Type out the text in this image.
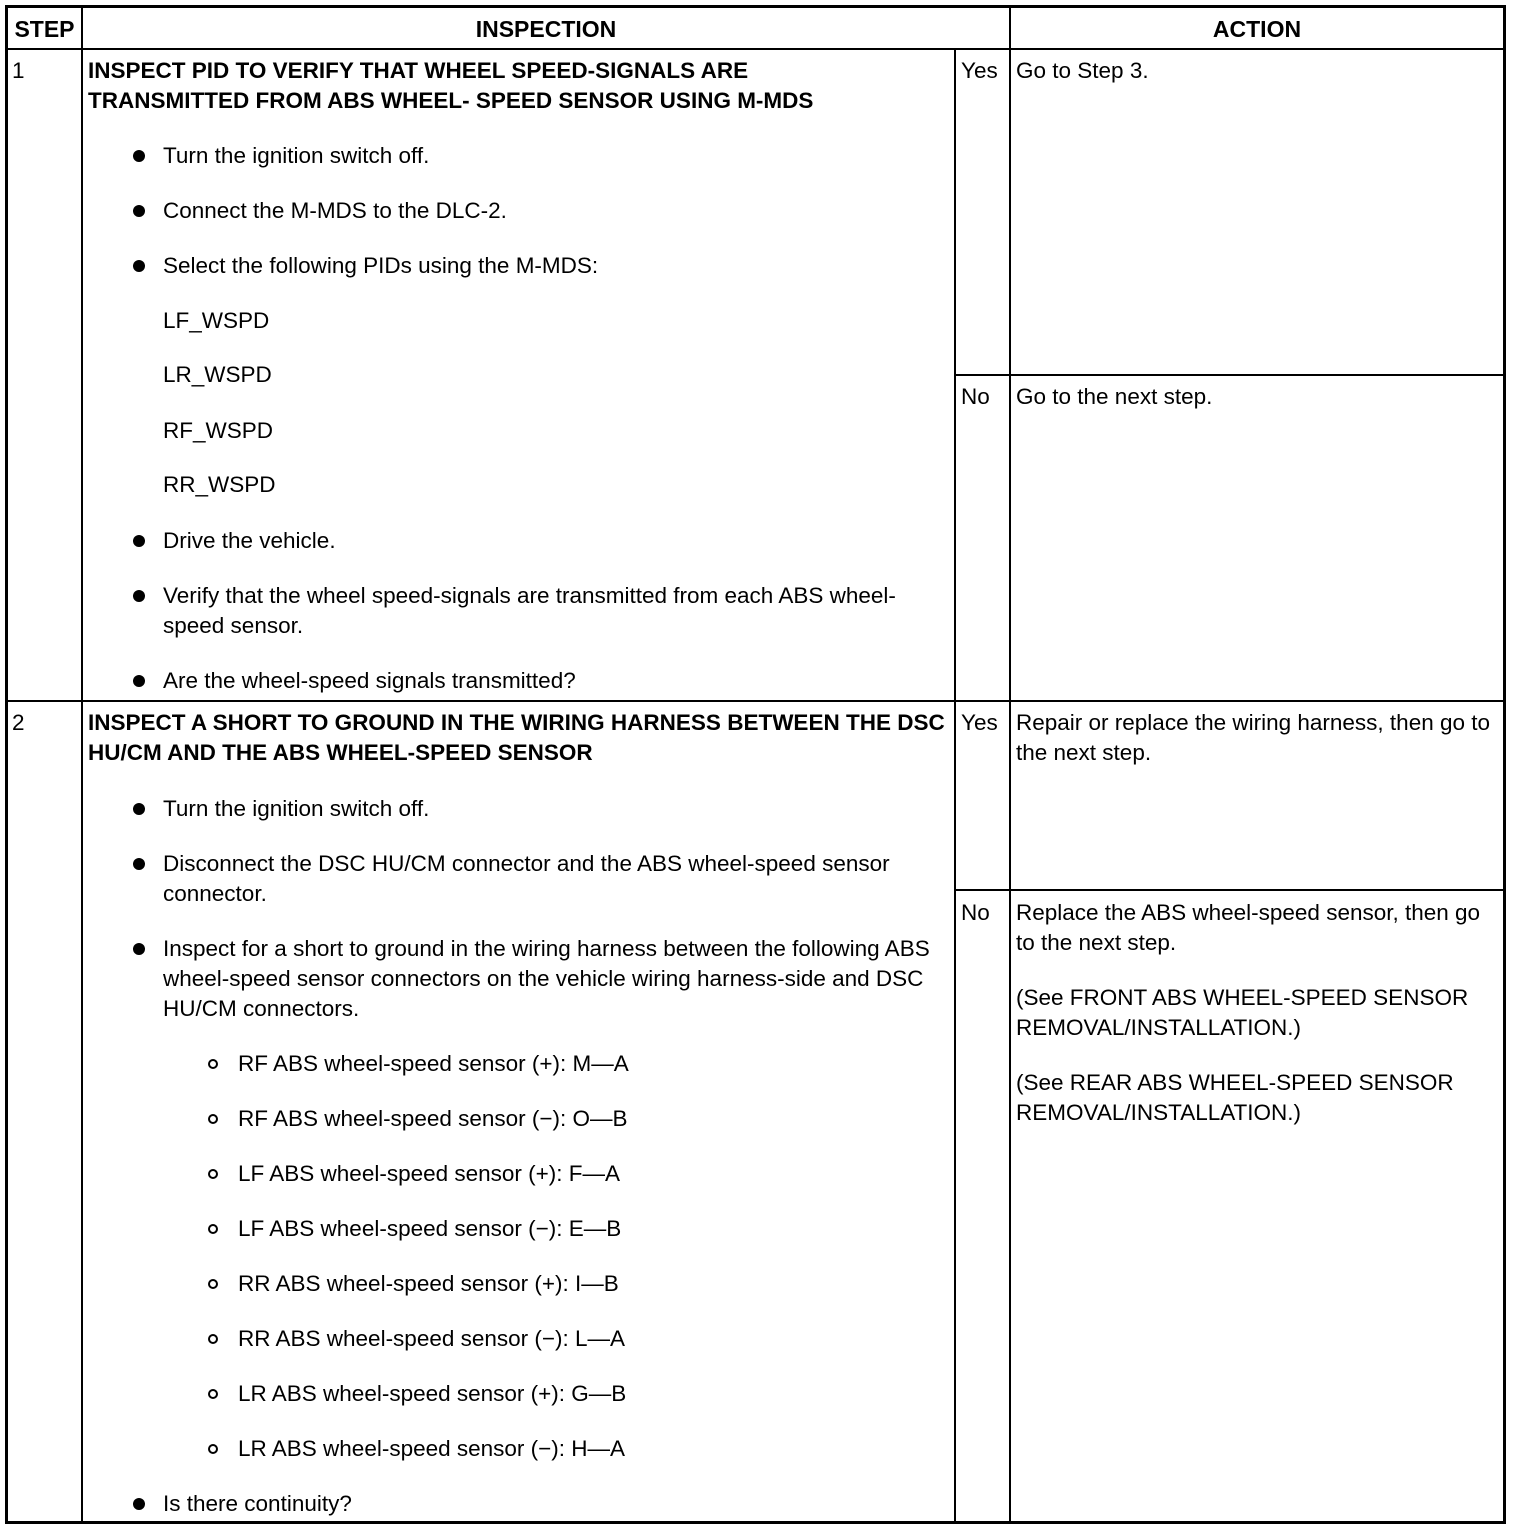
STEP	INSPECTION	ACTION
1	INSPECT PID TO VERIFY THAT WHEEL SPEED-SIGNALS ARE TRANSMITTED FROM ABS WHEEL- SPEED SENSOR USING M-MDS
Turn the ignition switch off.
Connect the M-MDS to the DLC-2.
Select the following PIDs using the M-MDS:
LF_WSPD
LR_WSPD
RF_WSPD
RR_WSPD
Drive the vehicle.
Verify that the wheel speed-signals are transmitted from each ABS wheel-speed sensor.
Are the wheel-speed signals transmitted?
Yes Go to Step 3.
No Go to the next step.
2	INSPECT A SHORT TO GROUND IN THE WIRING HARNESS BETWEEN THE DSC HU/CM AND THE ABS WHEEL-SPEED SENSOR
Turn the ignition switch off.
Disconnect the DSC HU/CM connector and the ABS wheel-speed sensor connector.
Inspect for a short to ground in the wiring harness between the following ABS wheel-speed sensor connectors on the vehicle wiring harness-side and DSC HU/CM connectors.
RF ABS wheel-speed sensor (+): M—A
RF ABS wheel-speed sensor (−): O—B
LF ABS wheel-speed sensor (+): F—A
LF ABS wheel-speed sensor (−): E—B
RR ABS wheel-speed sensor (+): I—B
RR ABS wheel-speed sensor (−): L—A
LR ABS wheel-speed sensor (+): G—B
LR ABS wheel-speed sensor (−): H—A
Is there continuity?
Yes Repair or replace the wiring harness, then go to the next step.
No Replace the ABS wheel-speed sensor, then go to the next step.
(See FRONT ABS WHEEL-SPEED SENSOR REMOVAL/INSTALLATION.)
(See REAR ABS WHEEL-SPEED SENSOR REMOVAL/INSTALLATION.)
